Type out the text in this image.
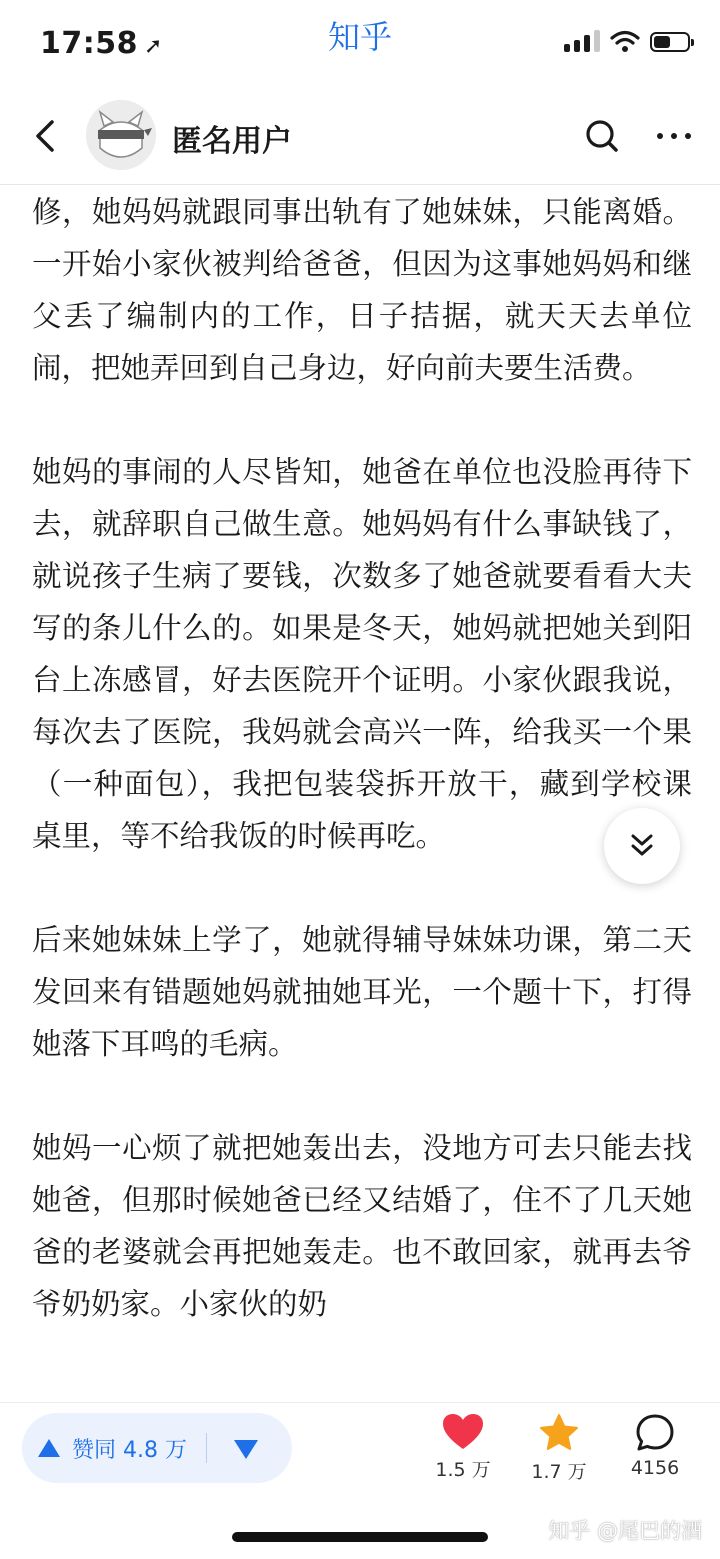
17:58 ➚	知乎
匿名用户

修，她妈妈就跟同事出轨有了她妹妹，只能离婚。一开始小家伙被判给爸爸，但因为这事她妈妈和继父丢了编制内的工作，日子拮据，就天天去单位闹，把她弄回到自己身边，好向前夫要生活费。

她妈的事闹的人尽皆知，她爸在单位也没脸再待下去，就辞职自己做生意。她妈妈有什么事缺钱了，就说孩子生病了要钱，次数多了她爸就要看看大夫写的条儿什么的。如果是冬天，她妈就把她关到阳台上冻感冒，好去医院开个证明。小家伙跟我说，每次去了医院，我妈就会高兴一阵，给我买一个果（一种面包），我把包装袋拆开放干，藏到学校课桌里，等不给我饭的时候再吃。

后来她妹妹上学了，她就得辅导妹妹功课，第二天发回来有错题她妈就抽她耳光，一个题十下，打得她落下耳鸣的毛病。

她妈一心烦了就把她轰出去，没地方可去只能去找她爸，但那时候她爸已经又结婚了，住不了几天她爸的老婆就会再把她轰走。也不敢回家，就再去爷爷奶奶家。小家伙的奶

赞同 4.8 万
1.5 万	1.7 万	4156
知乎 @尾巴的酒
